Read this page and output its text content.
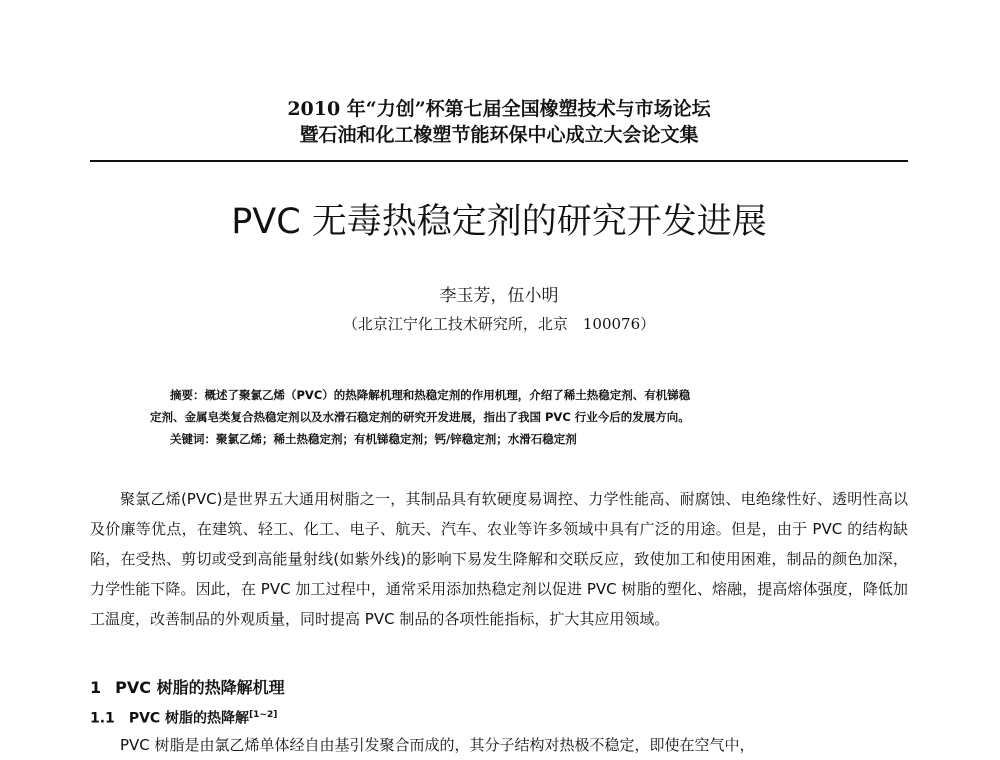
2010 年“力创”杯第七届全国橡塑技术与市场论坛
暨石油和化工橡塑节能环保中心成立大会论文集
PVC 无毒热稳定剂的研究开发进展
李玉芳，伍小明
（北京江宁化工技术研究所，北京　100076）

摘要：概述了聚氯乙烯（PVC）的热降解机理和热稳定剂的作用机理，介绍了稀土热稳定剂、有机锑稳

定剂、金属皂类复合热稳定剂以及水滑石稳定剂的研究开发进展，指出了我国 PVC 行业今后的发展方向。

关键词：聚氯乙烯；稀土热稳定剂；有机锑稳定剂；钙/锌稳定剂；水滑石稳定剂

聚氯乙烯(PVC)是世界五大通用树脂之一，其制品具有软硬度易调控、力学性能高、耐腐蚀、电绝缘性好、透明性高以及价廉等优点，在建筑、轻工、化工、电子、航天、汽车、农业等许多领域中具有广泛的用途。但是，由于 PVC 的结构缺陷，在受热、剪切或受到高能量射线(如紫外线)的影响下易发生降解和交联反应，致使加工和使用困难，制品的颜色加深，力学性能下降。因此，在 PVC 加工过程中，通常采用添加热稳定剂以促进 PVC 树脂的塑化、熔融，提高熔体强度，降低加工温度，改善制品的外观质量，同时提高 PVC 制品的各项性能指标，扩大其应用领域。

1 PVC 树脂的热降解机理
1.1 PVC 树脂的热降解[1~2]
PVC 树脂是由氯乙烯单体经自由基引发聚合而成的，其分子结构对热极不稳定，即使在空气中，
